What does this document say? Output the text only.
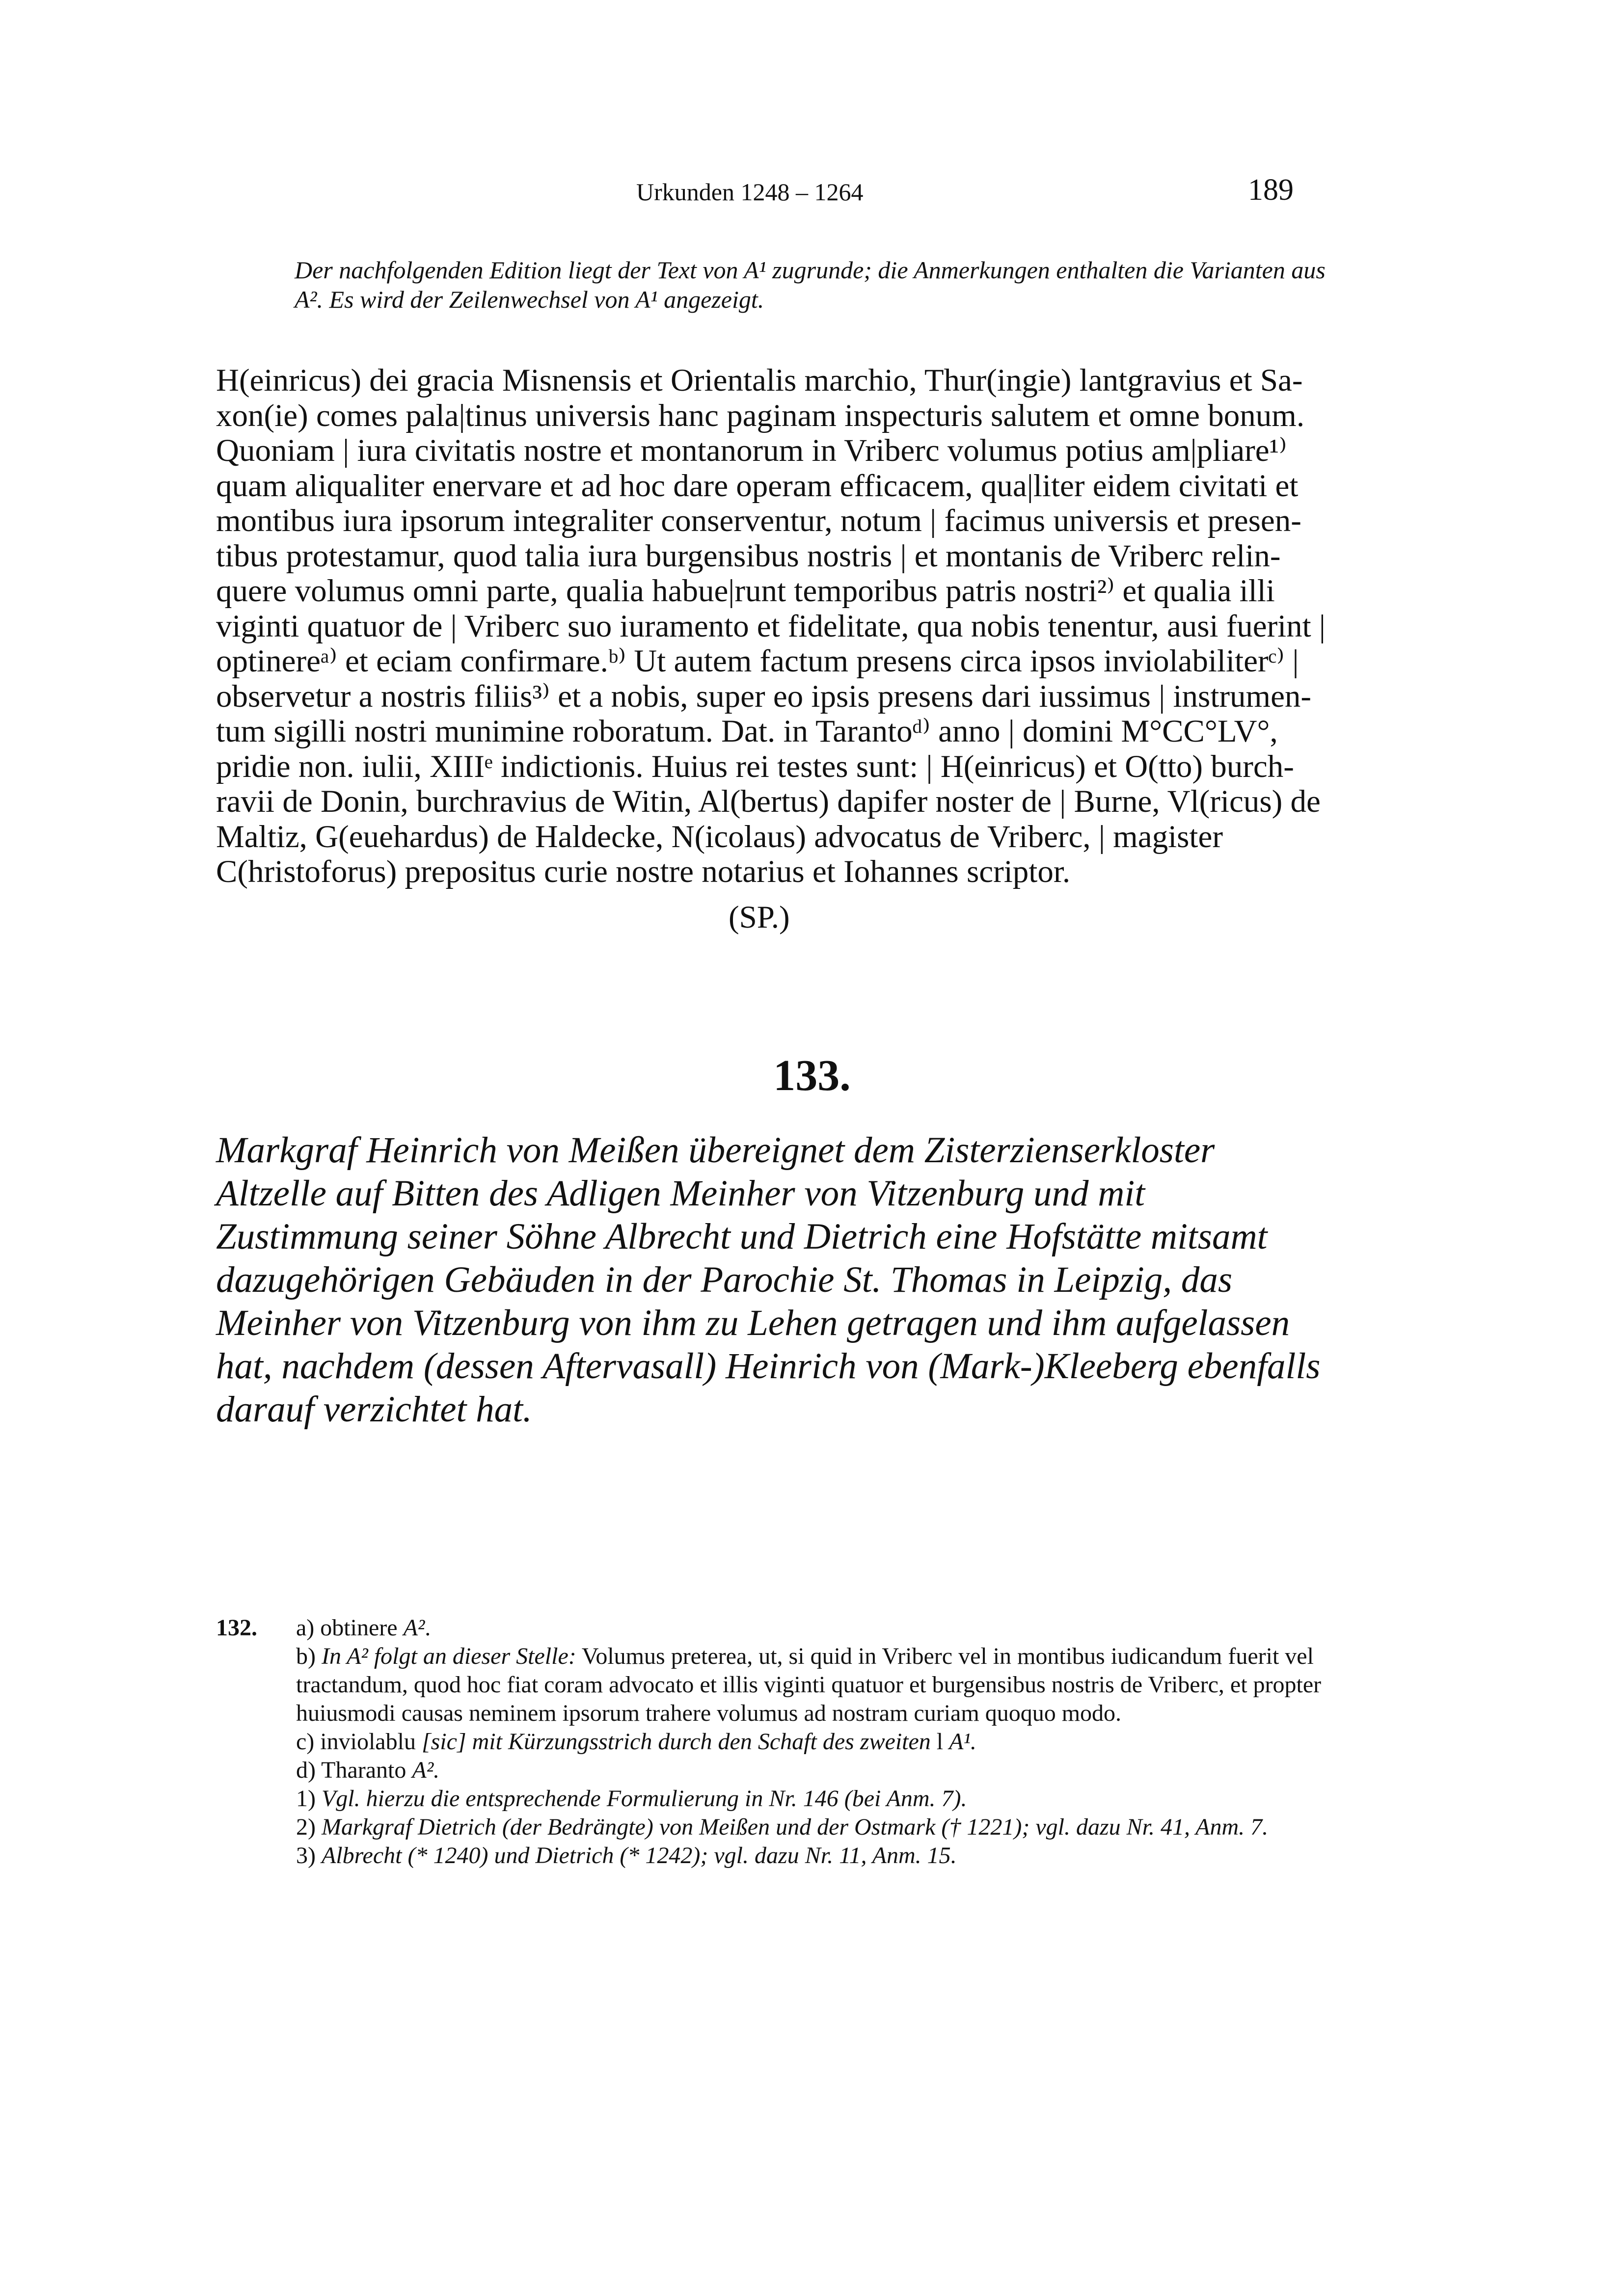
Urkunden 1248 – 1264	189
Der nachfolgenden Edition liegt der Text von A¹ zugrunde; die Anmerkungen enthalten die Varianten aus A². Es wird der Zeilenwechsel von A¹ angezeigt.
H(einricus) dei gracia Misnensis et Orientalis marchio, Thur(ingie) lantgravius et Sa-
xon(ie) comes pala|tinus universis hanc paginam inspecturis salutem et omne bonum.
Quoniam | iura civitatis nostre et montanorum in Vriberc volumus potius am|pliare¹⁾
quam aliqualiter enervare et ad hoc dare operam efficacem, qua|liter eidem civitati et
montibus iura ipsorum integraliter conserventur, notum | facimus universis et presen-
tibus protestamur, quod talia iura burgensibus nostris | et montanis de Vriberc relin-
quere volumus omni parte, qualia habue|runt temporibus patris nostri²⁾ et qualia illi
viginti quatuor de | Vriberc suo iuramento et fidelitate, qua nobis tenentur, ausi fuerint |
optinereᵃ⁾ et eciam confirmare.ᵇ⁾ Ut autem factum presens circa ipsos inviolabiliterᶜ⁾ |
observetur a nostris filiis³⁾ et a nobis, super eo ipsis presens dari iussimus | instrumen-
tum sigilli nostri munimine roboratum. Dat. in Tarantoᵈ⁾ anno | domini M°CC°LV°,
pridie non. iulii, XIIIᵉ indictionis. Huius rei testes sunt: | H(einricus) et O(tto) burch-
ravii de Donin, burchravius de Witin, Al(bertus) dapifer noster de | Burne, Vl(ricus) de
Maltiz, G(euehardus) de Haldecke, N(icolaus) advocatus de Vriberc, | magister
C(hristoforus) prepositus curie nostre notarius et Iohannes scriptor.
(SP.)
133.
Markgraf Heinrich von Meißen übereignet dem Zisterzienserkloster Altzelle auf Bitten des Adligen Meinher von Vitzenburg und mit Zustimmung seiner Söhne Albrecht und Dietrich eine Hofstätte mitsamt dazugehörigen Gebäuden in der Parochie St. Thomas in Leipzig, das Meinher von Vitzenburg von ihm zu Lehen getragen und ihm aufgelassen hat, nachdem (dessen Aftervasall) Heinrich von (Mark-)Kleeberg ebenfalls darauf verzichtet hat.
132. a) obtinere A².
b) In A² folgt an dieser Stelle: Volumus preterea, ut, si quid in Vriberc vel in montibus iudicandum fuerit vel tractandum, quod hoc fiat coram advocato et illis viginti quatuor et burgensibus nostris de Vriberc, et propter huiusmodi causas neminem ipsorum trahere volumus ad nostram curiam quoquo modo.
c) inviolablu [sic] mit Kürzungsstrich durch den Schaft des zweiten l A¹.
d) Tharanto A².
1) Vgl. hierzu die entsprechende Formulierung in Nr. 146 (bei Anm. 7).
2) Markgraf Dietrich (der Bedrängte) von Meißen und der Ostmark († 1221); vgl. dazu Nr. 41, Anm. 7.
3) Albrecht (* 1240) und Dietrich (* 1242); vgl. dazu Nr. 11, Anm. 15.
